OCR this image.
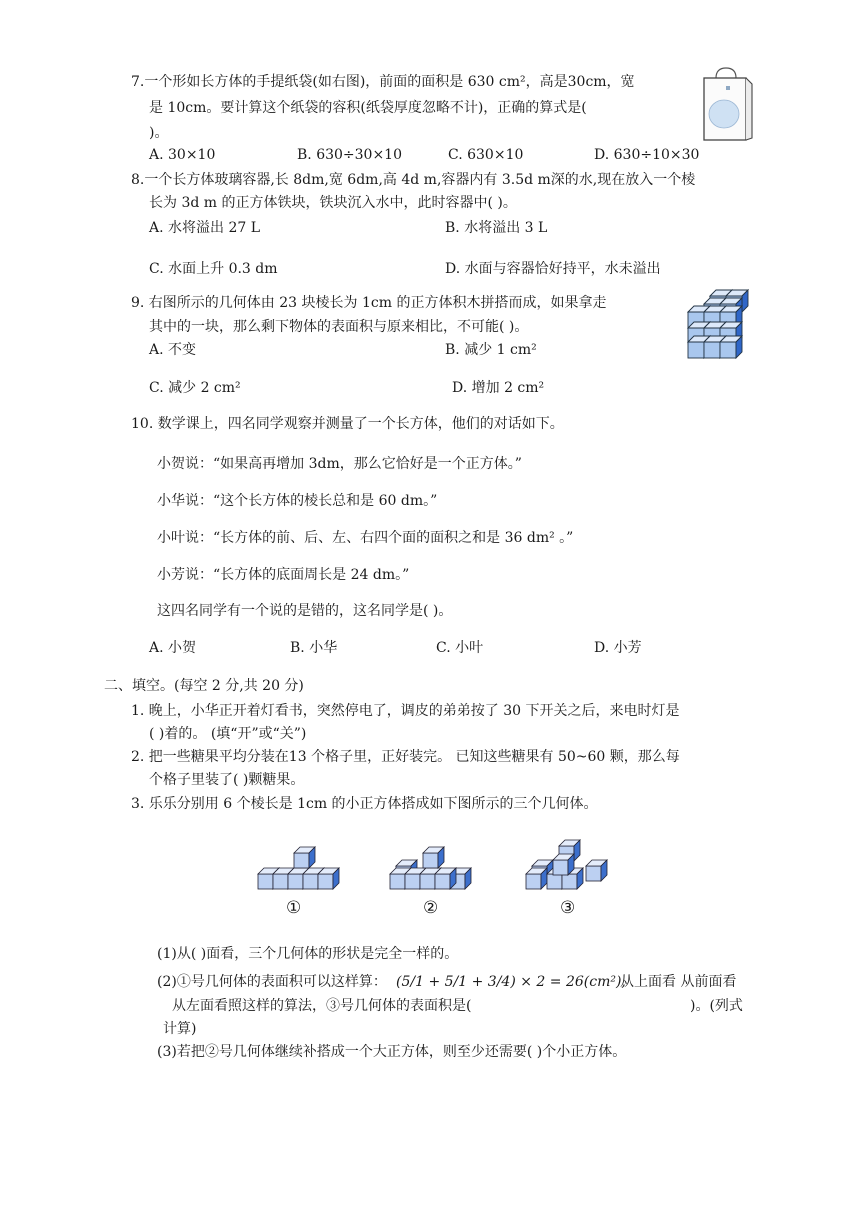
7.一个形如长方体的手提纸袋(如右图)，前面的面积是 630 cm²，高是30cm，宽
是 10cm。要计算这个纸袋的容积(纸袋厚度忽略不计)，正确的算式是(
)。
A. 30×10	B. 630÷30×10	C. 630×10	D. 630÷10×30
8.一个长方体玻璃容器,长 8dm,宽 6dm,高 4d m,容器内有 3.5d m深的水,现在放入一个棱
长为 3d m 的正方体铁块，铁块沉入水中，此时容器中( )。
A. 水将溢出 27 L	B. 水将溢出 3 L
C. 水面上升 0.3 dm	D. 水面与容器恰好持平，水未溢出
9. 右图所示的几何体由 23 块棱长为 1cm 的正方体积木拼搭而成，如果拿走
其中的一块，那么剩下物体的表面积与原来相比，不可能( )。
A. 不变	B. 减少 1 cm²
C. 减少 2 cm²	D. 增加 2 cm²
10. 数学课上，四名同学观察并测量了一个长方体，他们的对话如下。
小贺说：“如果高再增加 3dm，那么它恰好是一个正方体。”
小华说：“这个长方体的棱长总和是 60 dm。”
小叶说：“长方体的前、后、左、右四个面的面积之和是 36 dm² 。”
小芳说：“长方体的底面周长是 24 dm。”
这四名同学有一个说的是错的，这名同学是( )。
A. 小贺	B. 小华	C. 小叶	D. 小芳
二、填空。(每空 2 分,共 20 分)
1. 晚上，小华正开着灯看书，突然停电了，调皮的弟弟按了 30 下开关之后，来电时灯是
( )着的。 (填“开”或“关”)
2. 把一些糖果平均分装在13 个格子里，正好装完。 已知这些糖果有 50~60 颗，那么每
个格子里装了( )颗糖果。
3. 乐乐分别用 6 个棱长是 1cm 的小正方体搭成如下图所示的三个几何体。
①	②	③
(1)从( )面看，三个几何体的形状是完全一样的。
(2)①号几何体的表面积可以这样算： (5/1 + 5/1 + 3/4) × 2 = 26(cm²),
从上面看 从前面看
从左面看照这样的算法，③号几何体的表面积是(	)。(列式
计算)
(3)若把②号几何体继续补搭成一个大正方体，则至少还需要( )个小正方体。
